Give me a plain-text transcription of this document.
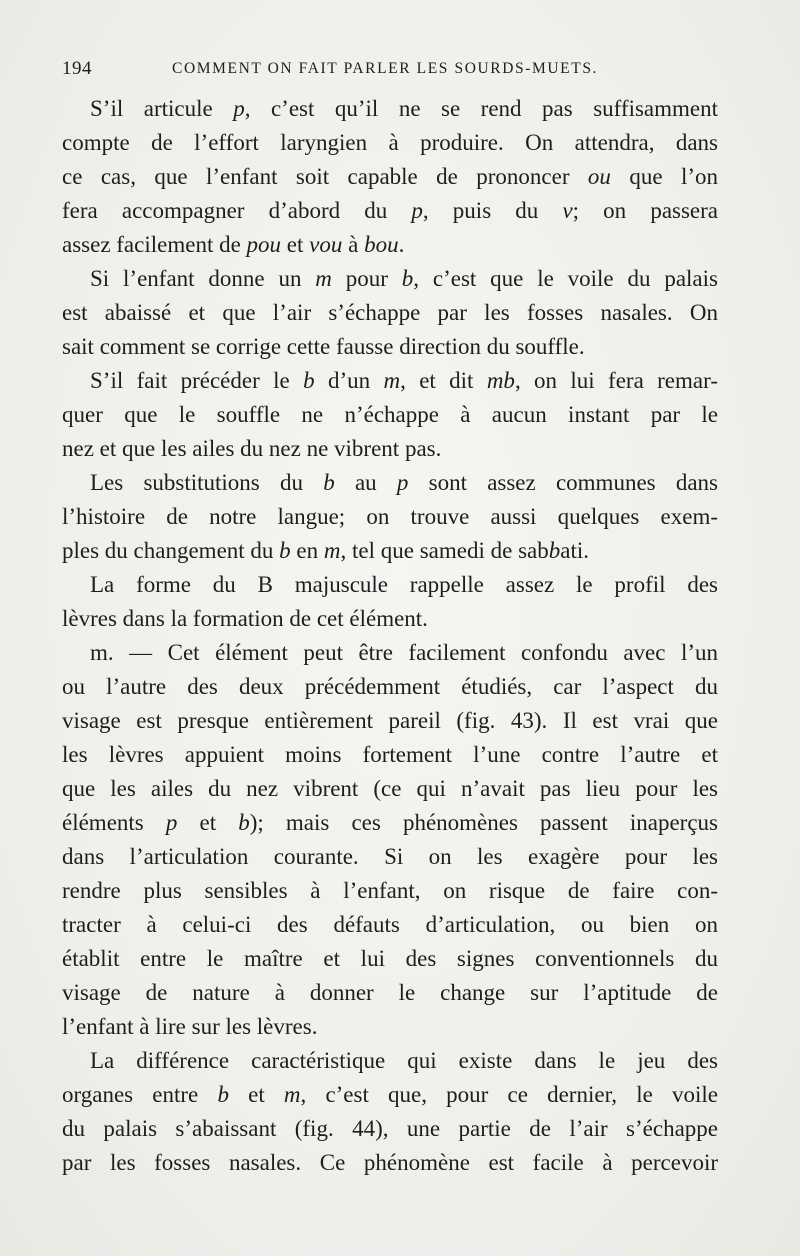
194	COMMENT ON FAIT PARLER LES SOURDS-MUETS.
S’il articule p, c’est qu’il ne se rend pas suffisamment
compte de l’effort laryngien à produire. On attendra, dans
ce cas, que l’enfant soit capable de prononcer ou que l’on
fera accompagner d’abord du p, puis du v; on passera
assez facilement de pou et vou à bou.
Si l’enfant donne un m pour b, c’est que le voile du palais
est abaissé et que l’air s’échappe par les fosses nasales. On
sait comment se corrige cette fausse direction du souffle.
S’il fait précéder le b d’un m, et dit mb, on lui fera remar-
quer que le souffle ne n’échappe à aucun instant par le
nez et que les ailes du nez ne vibrent pas.
Les substitutions du b au p sont assez communes dans
l’histoire de notre langue; on trouve aussi quelques exem-
ples du changement du b en m, tel que samedi de sabbati.
La forme du B majuscule rappelle assez le profil des
lèvres dans la formation de cet élément.
m. — Cet élément peut être facilement confondu avec l’un
ou l’autre des deux précédemment étudiés, car l’aspect du
visage est presque entièrement pareil (fig. 43). Il est vrai que
les lèvres appuient moins fortement l’une contre l’autre et
que les ailes du nez vibrent (ce qui n’avait pas lieu pour les
éléments p et b); mais ces phénomènes passent inaperçus
dans l’articulation courante. Si on les exagère pour les
rendre plus sensibles à l’enfant, on risque de faire con-
tracter à celui-ci des défauts d’articulation, ou bien on
établit entre le maître et lui des signes conventionnels du
visage de nature à donner le change sur l’aptitude de
l’enfant à lire sur les lèvres.
La différence caractéristique qui existe dans le jeu des
organes entre b et m, c’est que, pour ce dernier, le voile
du palais s’abaissant (fig. 44), une partie de l’air s’échappe
par les fosses nasales. Ce phénomène est facile à percevoir
